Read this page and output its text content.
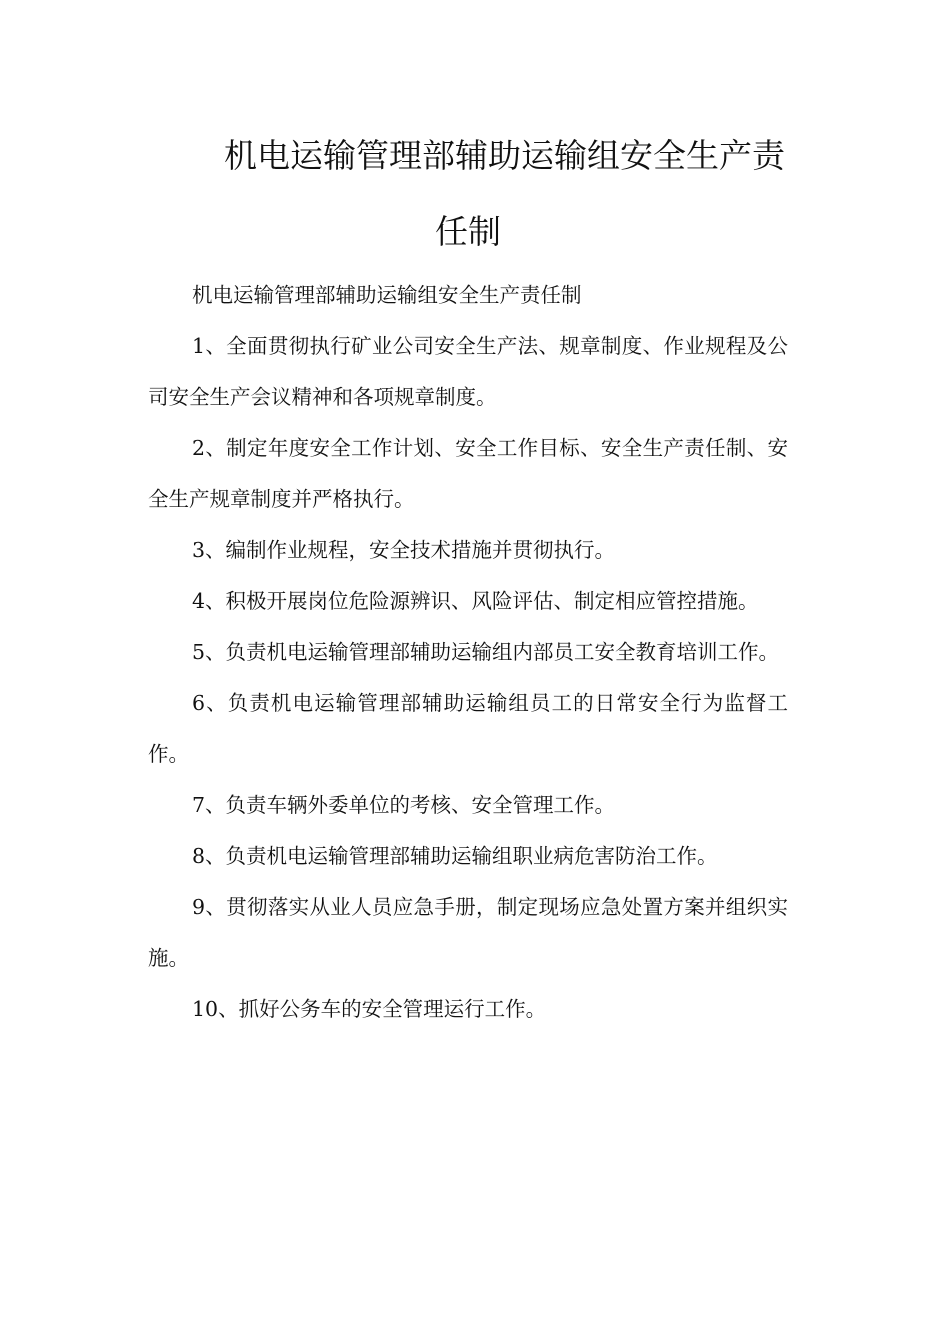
机电运输管理部辅助运输组安全生产责
任制

机电运输管理部辅助运输组安全生产责任制

1、全面贯彻执行矿业公司安全生产法、规章制度、作业规程及公司安全生产会议精神和各项规章制度。

2、制定年度安全工作计划、安全工作目标、安全生产责任制、安全生产规章制度并严格执行。

3、编制作业规程，安全技术措施并贯彻执行。

4、积极开展岗位危险源辨识、风险评估、制定相应管控措施。

5、负责机电运输管理部辅助运输组内部员工安全教育培训工作。

6、负责机电运输管理部辅助运输组员工的日常安全行为监督工作。

7、负责车辆外委单位的考核、安全管理工作。

8、负责机电运输管理部辅助运输组职业病危害防治工作。

9、贯彻落实从业人员应急手册，制定现场应急处置方案并组织实施。

10、抓好公务车的安全管理运行工作。
